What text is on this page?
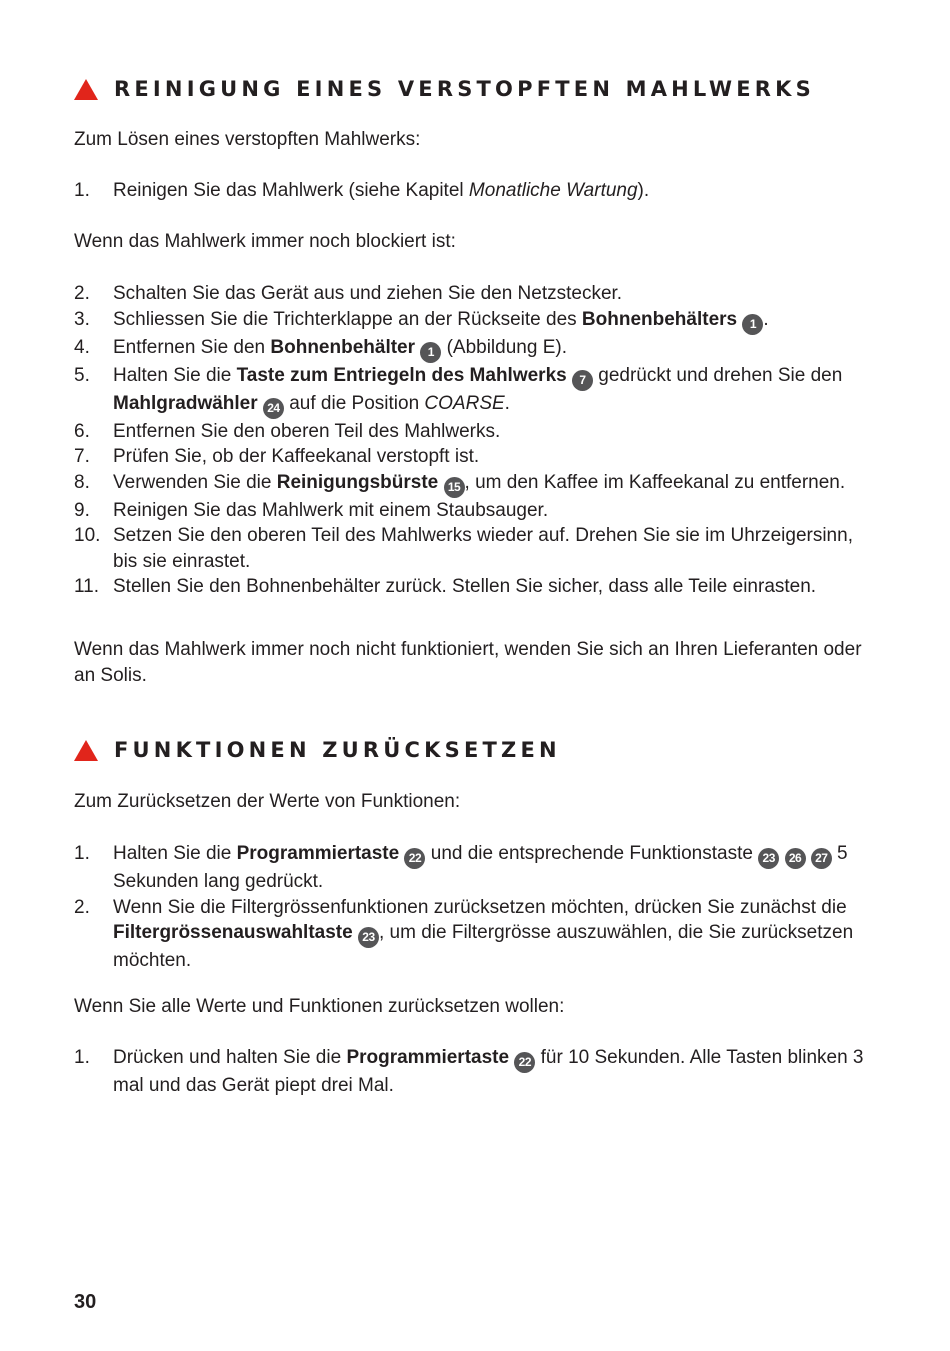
REINIGUNG EINES VERSTOPFTEN MAHLWERKS

Zum Lösen eines verstopften Mahlwerks:

1.	Reinigen Sie das Mahlwerk (siehe Kapitel Monatliche Wartung).

Wenn das Mahlwerk immer noch blockiert ist:

2.	Schalten Sie das Gerät aus und ziehen Sie den Netzstecker.
3.	Schliessen Sie die Trichterklappe an der Rückseite des Bohnenbehälters 1 .
4.	Entfernen Sie den Bohnenbehälter 1 (Abbildung E).
5.	Halten Sie die Taste zum Entriegeln des Mahlwerks 7 gedrückt und drehen Sie den Mahlgradwähler 24 auf die Position COARSE.
6.	Entfernen Sie den oberen Teil des Mahlwerks.
7.	Prüfen Sie, ob der Kaffeekanal verstopft ist.
8.	Verwenden Sie die Reinigungsbürste 15 , um den Kaffee im Kaffeekanal zu entfernen.
9.	Reinigen Sie das Mahlwerk mit einem Staubsauger.
10. Setzen Sie den oberen Teil des Mahlwerks wieder auf. Drehen Sie sie im Uhrzeigersinn, bis sie einrastet.
11. Stellen Sie den Bohnenbehälter zurück. Stellen Sie sicher, dass alle Teile einrasten.

Wenn das Mahlwerk immer noch nicht funktioniert, wenden Sie sich an Ihren Lieferanten oder an Solis.

FUNKTIONEN ZURÜCKSETZEN

Zum Zurücksetzen der Werte von Funktionen:

1.	Halten Sie die Programmiertaste 22 und die entsprechende Funktionstaste 23 26 27 5 Sekunden lang gedrückt.
2.	Wenn Sie die Filtergrössenfunktionen zurücksetzen möchten, drücken Sie zunächst die Filtergrössenauswahltaste 23 , um die Filtergrösse auszuwählen, die Sie zurücksetzen möchten.

Wenn Sie alle Werte und Funktionen zurücksetzen wollen:

1.	Drücken und halten Sie die Programmiertaste 22 für 10 Sekunden. Alle Tasten blinken 3 mal und das Gerät piept drei Mal.
30
